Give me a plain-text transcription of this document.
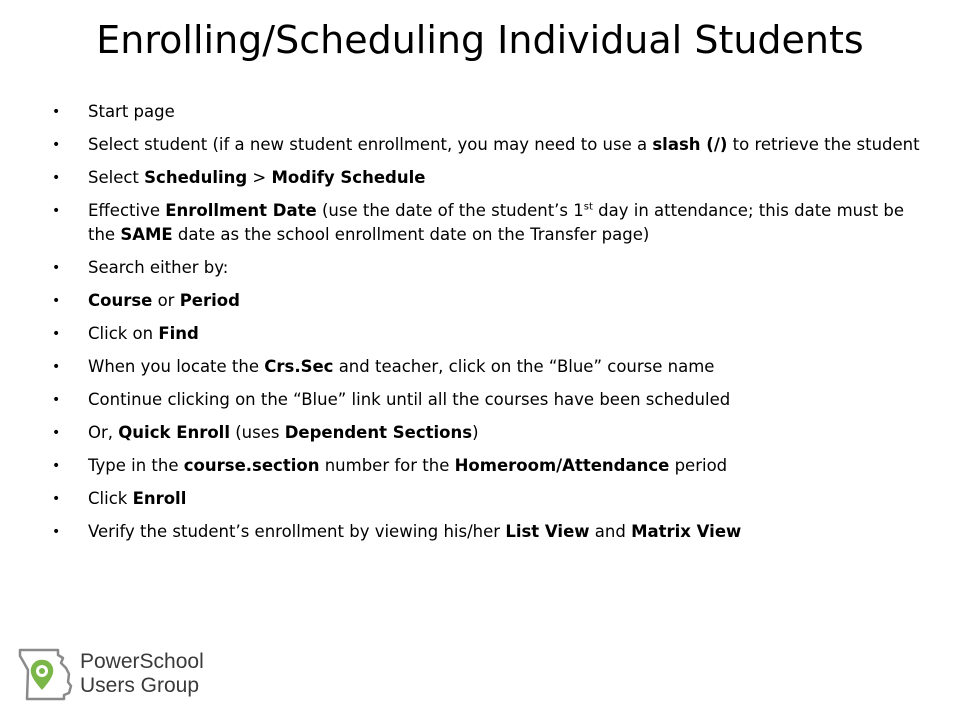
Enrolling/Scheduling Individual Students
• Start page
• Select student (if a new student enrollment, you may need to use a slash (/) to retrieve the student
• Select Scheduling > Modify Schedule
• Effective Enrollment Date (use the date of the student’s 1st day in attendance; this date must be the SAME date as the school enrollment date on the Transfer page)
• Search either by:
• Course or Period
• Click on Find
• When you locate the Crs.Sec and teacher, click on the “Blue” course name
• Continue clicking on the “Blue” link until all the courses have been scheduled
• Or, Quick Enroll (uses Dependent Sections)
• Type in the course.section number for the Homeroom/Attendance period
• Click Enroll
• Verify the student’s enrollment by viewing his/her List View and Matrix View
PowerSchool
Users Group
